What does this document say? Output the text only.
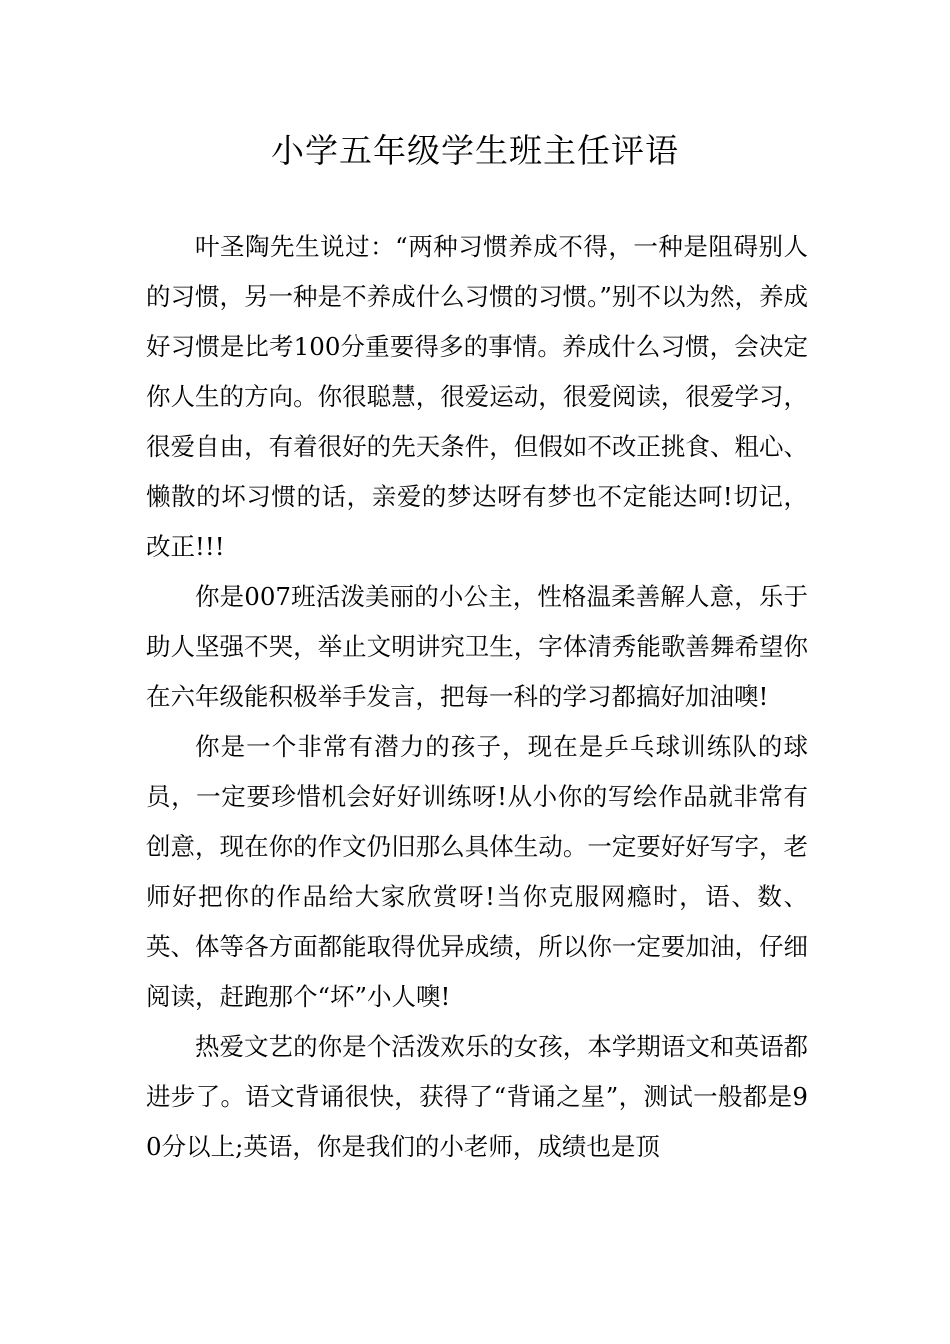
小学五年级学生班主任评语

叶圣陶先生说过：“两种习惯养成不得，一种是阻碍别人的习惯，另一种是不养成什么习惯的习惯。”别不以为然，养成好习惯是比考100分重要得多的事情。养成什么习惯，会决定你人生的方向。你很聪慧，很爱运动，很爱阅读，很爱学习，很爱自由，有着很好的先天条件，但假如不改正挑食、粗心、懒散的坏习惯的话，亲爱的梦达呀有梦也不定能达呵!切记，改正!!!

你是007班活泼美丽的小公主，性格温柔善解人意，乐于助人坚强不哭，举止文明讲究卫生，字体清秀能歌善舞希望你在六年级能积极举手发言，把每一科的学习都搞好加油噢!

你是一个非常有潜力的孩子，现在是乒乓球训练队的球员，一定要珍惜机会好好训练呀!从小你的写绘作品就非常有创意，现在你的作文仍旧那么具体生动。一定要好好写字，老师好把你的作品给大家欣赏呀!当你克服网瘾时，语、数、英、体等各方面都能取得优异成绩，所以你一定要加油，仔细阅读，赶跑那个“坏”小人噢!

热爱文艺的你是个活泼欢乐的女孩，本学期语文和英语都进步了。语文背诵很快，获得了“背诵之星”，测试一般都是90分以上;英语，你是我们的小老师，成绩也是顶
